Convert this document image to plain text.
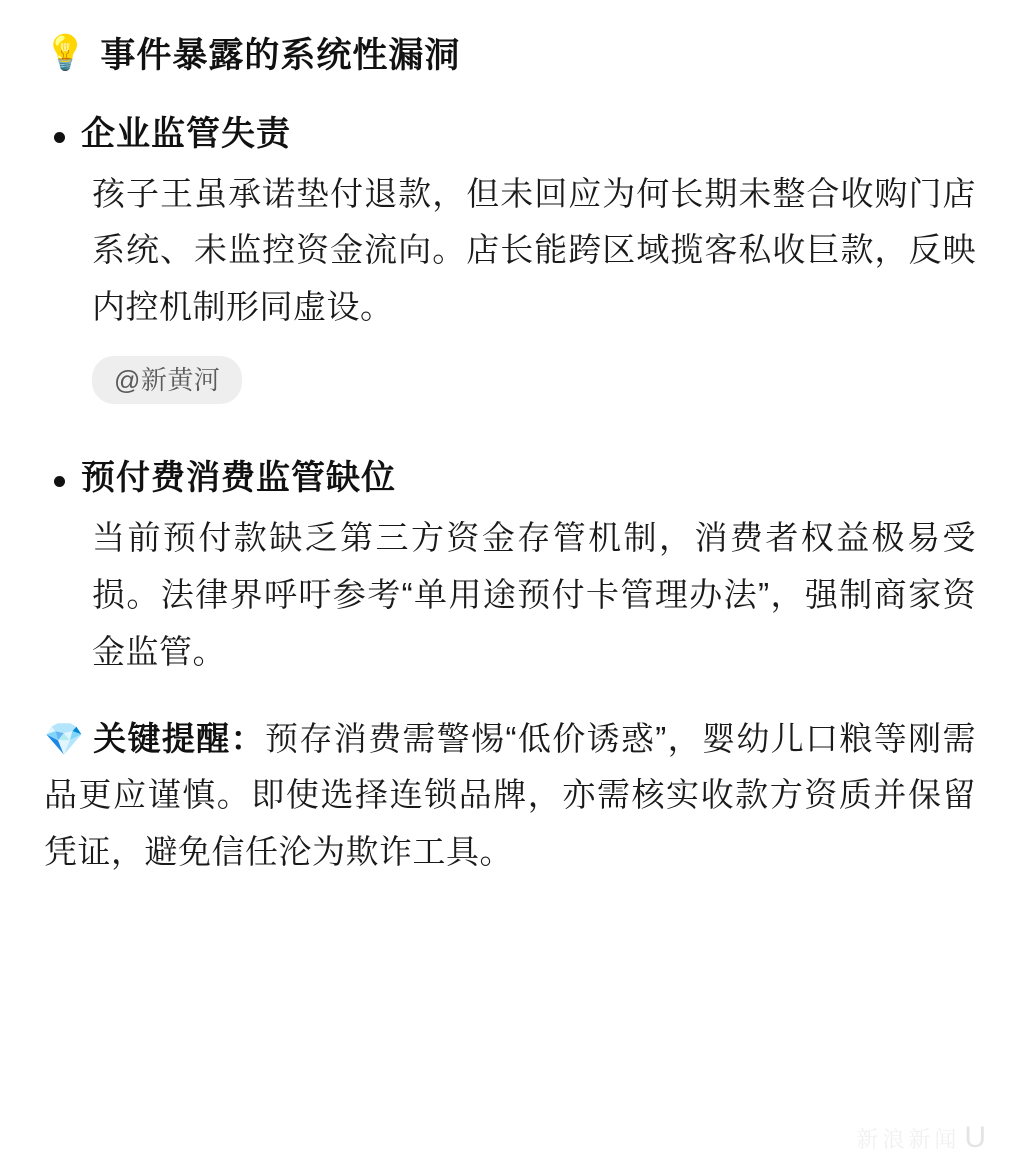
💡 事件暴露的系统性漏洞
企业监管失责
孩子王虽承诺垫付退款，但未回应为何长期未整合收购门店系统、未监控资金流向。店长能跨区域揽客私收巨款，反映内控机制形同虚设。
@新黄河
预付费消费监管缺位
当前预付款缺乏第三方资金存管机制，消费者权益极易受损。法律界呼吁参考“单用途预付卡管理办法”，强制商家资金监管。

💎 关键提醒：预存消费需警惕“低价诱惑”，婴幼儿口粮等刚需品更应谨慎。即使选择连锁品牌，亦需核实收款方资质并保留凭证，避免信任沦为欺诈工具。

新浪新闻 U
